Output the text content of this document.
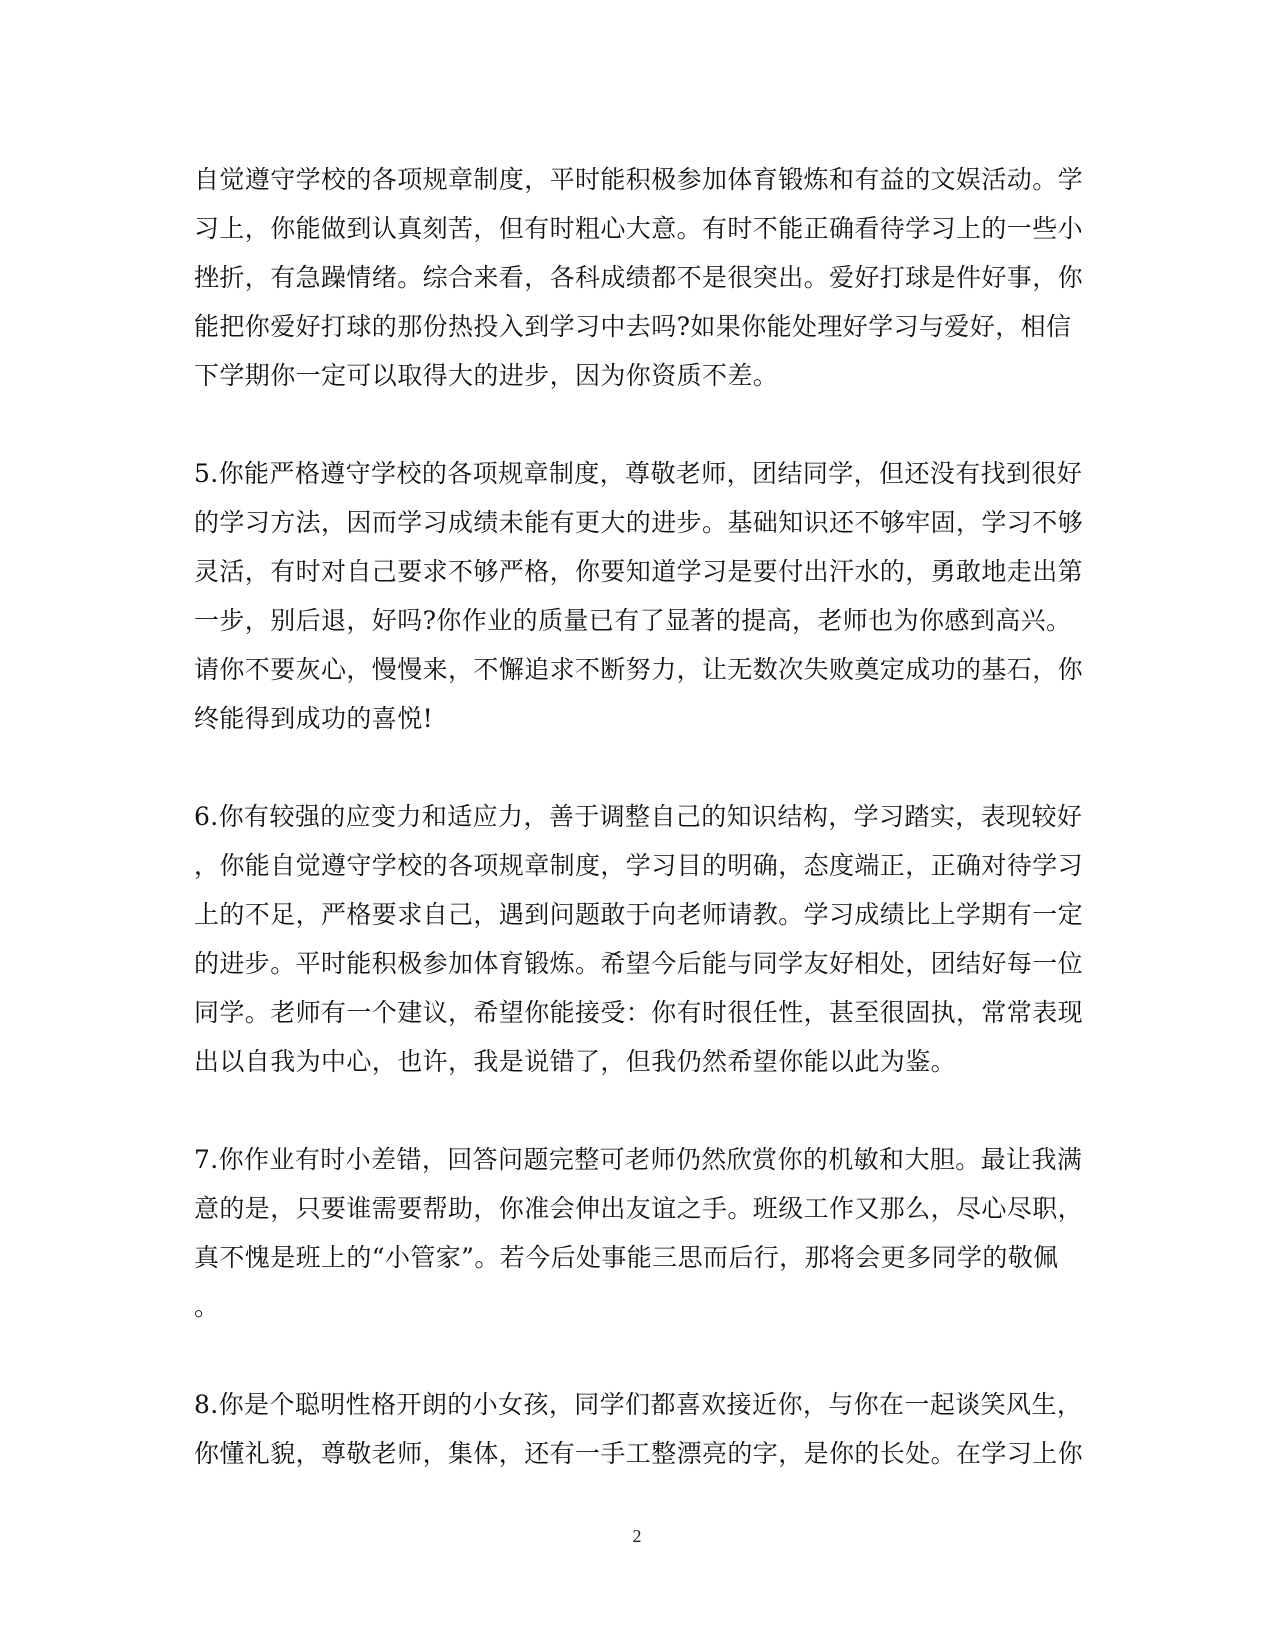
自觉遵守学校的各项规章制度，平时能积极参加体育锻炼和有益的文娱活动。学
习上，你能做到认真刻苦，但有时粗心大意。有时不能正确看待学习上的一些小
挫折，有急躁情绪。综合来看，各科成绩都不是很突出。爱好打球是件好事，你
能把你爱好打球的那份热投入到学习中去吗?如果你能处理好学习与爱好，相信
下学期你一定可以取得大的进步，因为你资质不差。
5.你能严格遵守学校的各项规章制度，尊敬老师，团结同学，但还没有找到很好
的学习方法，因而学习成绩未能有更大的进步。基础知识还不够牢固，学习不够
灵活，有时对自己要求不够严格，你要知道学习是要付出汗水的，勇敢地走出第
一步，别后退，好吗?你作业的质量已有了显著的提高，老师也为你感到高兴。
请你不要灰心，慢慢来，不懈追求不断努力，让无数次失败奠定成功的基石，你
终能得到成功的喜悦!
6.你有较强的应变力和适应力，善于调整自己的知识结构，学习踏实，表现较好
，你能自觉遵守学校的各项规章制度，学习目的明确，态度端正，正确对待学习
上的不足，严格要求自己，遇到问题敢于向老师请教。学习成绩比上学期有一定
的进步。平时能积极参加体育锻炼。希望今后能与同学友好相处，团结好每一位
同学。老师有一个建议，希望你能接受：你有时很任性，甚至很固执，常常表现
出以自我为中心，也许，我是说错了，但我仍然希望你能以此为鉴。
7.你作业有时小差错，回答问题完整可老师仍然欣赏你的机敏和大胆。最让我满
意的是，只要谁需要帮助，你准会伸出友谊之手。班级工作又那么，尽心尽职，
真不愧是班上的“小管家”。若今后处事能三思而后行，那将会更多同学的敬佩
。
8.你是个聪明性格开朗的小女孩，同学们都喜欢接近你，与你在一起谈笑风生，
你懂礼貌，尊敬老师，集体，还有一手工整漂亮的字，是你的长处。在学习上你
2
